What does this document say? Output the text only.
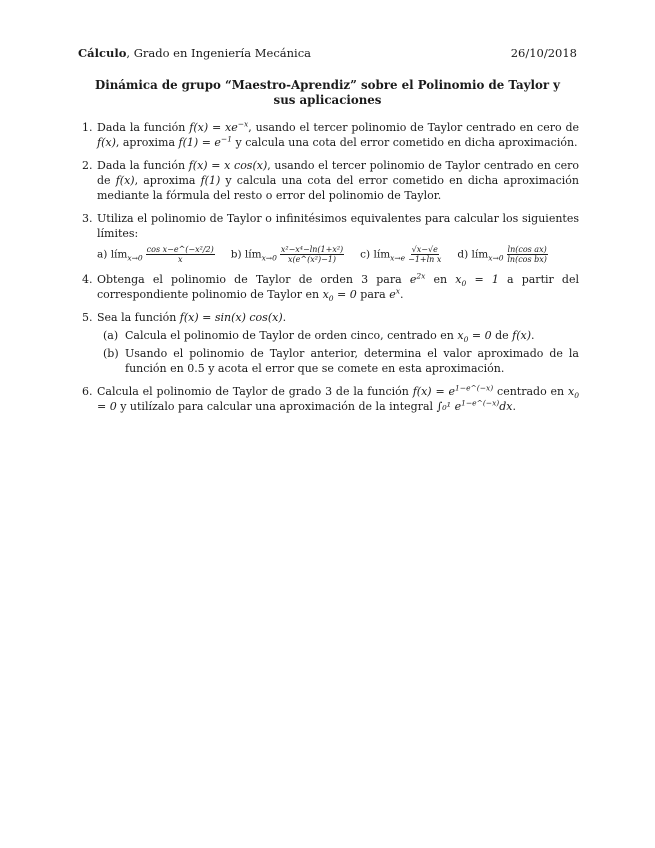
Cálculo, Grado en Ingeniería Mecánica	26/10/2018
Dinámica de grupo “Maestro-Aprendiz” sobre el Polinomio de Taylor y sus aplicaciones
1. Dada la función $f(x) = xe^{-x}$, usando el tercer polinomio de Taylor centrado en cero de f(x), aproxima $f(1) = e^{-1}$ y calcula una cota del error cometido en dicha aproximación.
2. Dada la función f(x) = x cos(x), usando el tercer polinomio de Taylor centrado en cero de f(x), aproxima f(1) y calcula una cota del error cometido en dicha aproximación mediante la fórmula del resto o error del polinomio de Taylor.
3. Utiliza el polinomio de Taylor o infinitésimos equivalentes para calcular los siguientes límites:
a) lím$_{x\to 0}$ $\frac{\text{cos x−e\textasciicircum{}(−x²/2)}}{x} b$) lím$_{x\to 0}$ $\frac{\text{x²−x⁴−ln(1+x²)}}{\text{x(e\textasciicircum{}(x²)−1)}} c$) lím$_{x\to e}$ $\frac{√x-√e}{\text{−1+ln x}} d$) lím$_{x\to 0}$ $\frac{\text{ln(cos ax)}}{\text{ln(cos bx)}}$
4. Obtenga el polinomio de Taylor de orden 3 para $e^{2x}$ en $x_0 = 1$ a partir del correspondiente polinomio de Taylor en $x_0 = 0$ para $e^x$.
5. Sea la función f(x) = sin(x) cos(x).
(a) Calcula el polinomio de Taylor de orden cinco, centrado en $x_0 = 0$ de f(x).
(b) Usando el polinomio de Taylor anterior, determina el valor aproximado de la función en 0.5 y acota el error que se comete en esta aproximación.
6. Calcula el polinomio de Taylor de grado 3 de la función $f(x) = e^{1-e\^{}(-x)}$ centrado en $x_0 = 0$ y utilízalo para calcular una aproximación de la integral ∫₀¹ $e^{1-e\^{}(-x)}dx$.
